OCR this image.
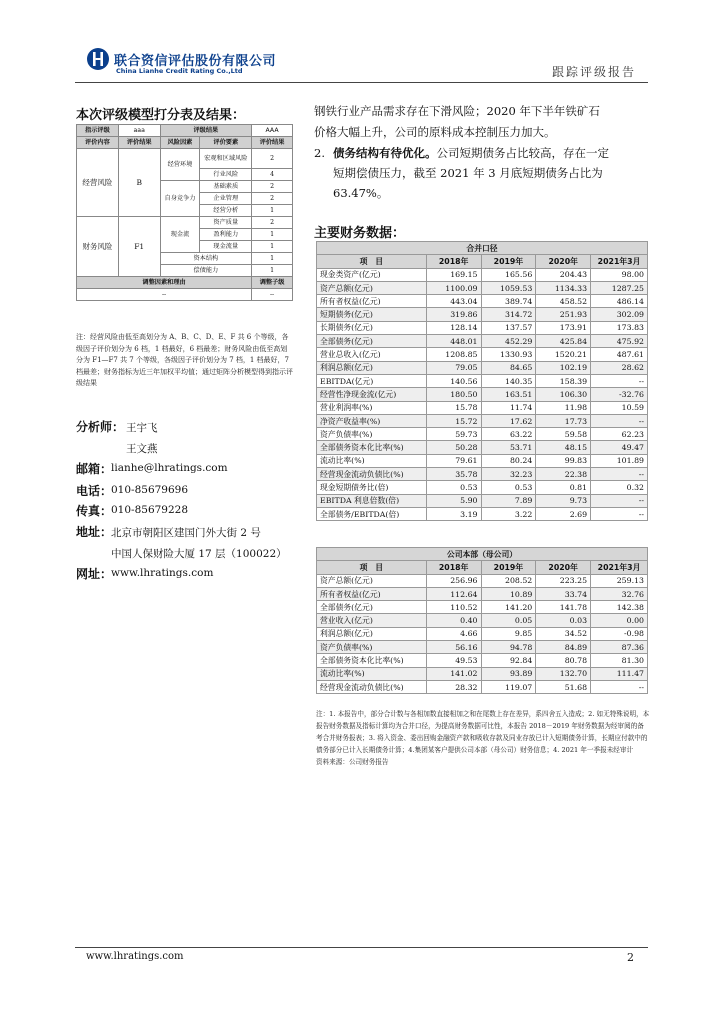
联合资信评估股份有限公司
China Lianhe Credit Rating Co.,Ltd	跟踪评级报告
本次评级模型打分表及结果：
指示评级	aaa	评级结果		AAA
评价内容	评价结果	风险因素	评价要素	评价结果
经营风险	B	经营环境	宏观和区域风险	2
			行业风险	4
		自身竞争力	基础素质	2
			企业管理	2
			经营分析	1
财务风险	F1	现金流	资产质量	2
			盈利能力	1
			现金流量	1
		资本结构		1
		偿债能力		1
调整因素和理由				调整子级
--				--
注：经营风险由低至高划分为 A、B、C、D、E、F 共 6 个等级，各级因子评价划分为 6 档，1 档最好，6 档最差；财务风险由低至高划分为 F1—F7 共 7 个等级，各级因子评价划分为 7 档，1 档最好，7 档最差；财务指标为近三年加权平均值；通过矩阵分析模型得到指示评级结果
分析师： 王宇飞
王文燕
邮箱：
lianhe@lhratings.com
电话：
010-85679696
传真：
010-85679228
地址：
北京市朝阳区建国门外大街 2 号
中国人保财险大厦 17 层（100022）
网址：
www.lhratings.com
钢铁行业产品需求存在下滑风险；2020 年下半年铁矿石
价格大幅上升，公司的原料成本控制压力加大。
2. 债务结构有待优化。公司短期债务占比较高，存在一定
短期偿债压力，截至 2021 年 3 月底短期债务占比为
63.47%。
主要财务数据：
合并口径				
项　目	2018年	2019年	2020年	2021年3月
现金类资产(亿元)	169.15	165.56	204.43	98.00
资产总额(亿元)	1100.09	1059.53	1134.33	1287.25
所有者权益(亿元)	443.04	389.74	458.52	486.14
短期债务(亿元)	319.86	314.72	251.93	302.09
长期债务(亿元)	128.14	137.57	173.91	173.83
全部债务(亿元)	448.01	452.29	425.84	475.92
营业总收入(亿元)	1208.85	1330.93	1520.21	487.61
利润总额(亿元)	79.05	84.65	102.19	28.62
EBITDA(亿元)	140.56	140.35	158.39	--
经营性净现金流(亿元)	180.50	163.51	106.30	-32.76
营业利润率(%)	15.78	11.74	11.98	10.59
净资产收益率(%)	15.72	17.62	17.73	--
资产负债率(%)	59.73	63.22	59.58	62.23
全部债务资本化比率(%)	50.28	53.71	48.15	49.47
流动比率(%)	79.61	80.24	99.83	101.89
经营现金流动负债比(%)	35.78	32.23	22.38	--
现金短期债务比(倍)	0.53	0.53	0.81	0.32
EBITDA 利息倍数(倍)	5.90	7.89	9.73	--
全部债务/EBITDA(倍)	3.19	3.22	2.69	--
公司本部（母公司）				
项　目	2018年	2019年	2020年	2021年3月
资产总额(亿元)	256.96	208.52	223.25	259.13
所有者权益(亿元)	112.64	10.89	33.74	32.76
全部债务(亿元)	110.52	141.20	141.78	142.38
营业收入(亿元)	0.40	0.05	0.03	0.00
利润总额(亿元)	4.66	9.85	34.52	-0.98
资产负债率(%)	56.16	94.78	84.89	87.36
全部债务资本化比率(%)	49.53	92.84	80.78	81.30
流动比率(%)	141.02	93.89	132.70	111.47
经营现金流动负债比(%)	28.32	119.07	51.68	--
注：1. 本报告中，部分合计数与各相加数直接相加之和在尾数上存在差异，系四舍五入造成；2. 如无特殊说明，本报告财务数据及指标计算均为合并口径，为提高财务数据可比性，本报告 2018－2019 年财务数据为经审阅的备考合并财务报表；3. 将入资金、委出回购金融资产款和吸收存款及同业存放已计入短期债务计算，长期应付款中的债务部分已计入长期债务计算；4.集团某客户提供公司本部（母公司）财务信息；4. 2021 年一季报未经审计
资料来源：公司财务报告
www.lhratings.com	2
